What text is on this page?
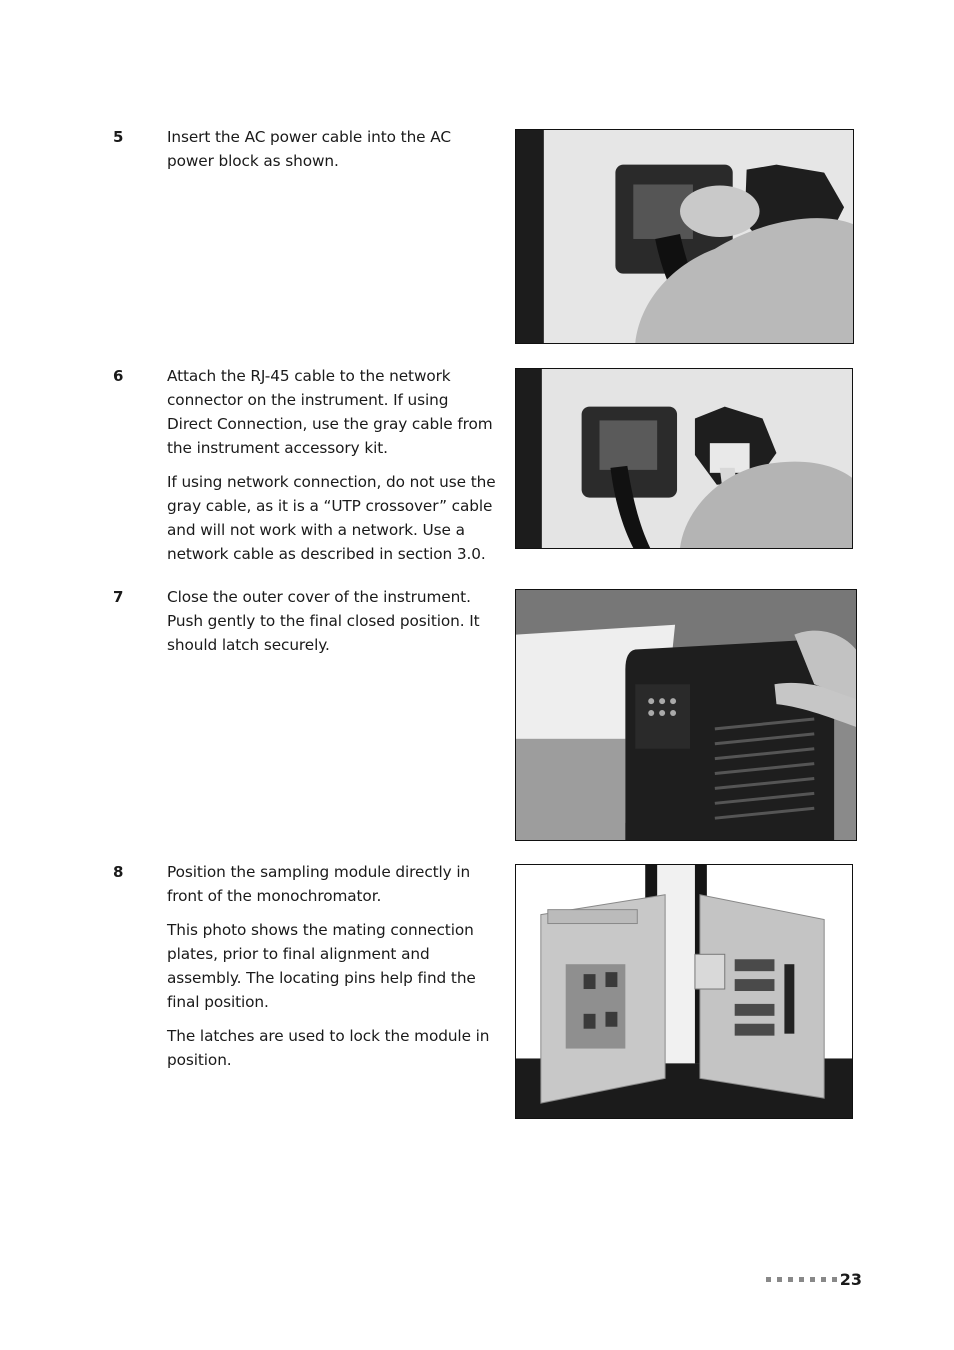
5	Insert the AC power cable into the AC power block as shown.

6	Attach the RJ-45 cable to the network connector on the instrument. If using Direct Connection, use the gray cable from the instrument accessory kit.

If using network connection, do not use the gray cable, as it is a “UTP crossover” cable and will not work with a network. Use a network cable as described in section 3.0.

7	Close the outer cover of the instrument. Push gently to the final closed position. It should latch securely.

8	Position the sampling module directly in front of the monochromator.

This photo shows the mating connection plates, prior to final alignment and assembly. The locating pins help find the final position.

The latches are used to lock the module in position.

23
